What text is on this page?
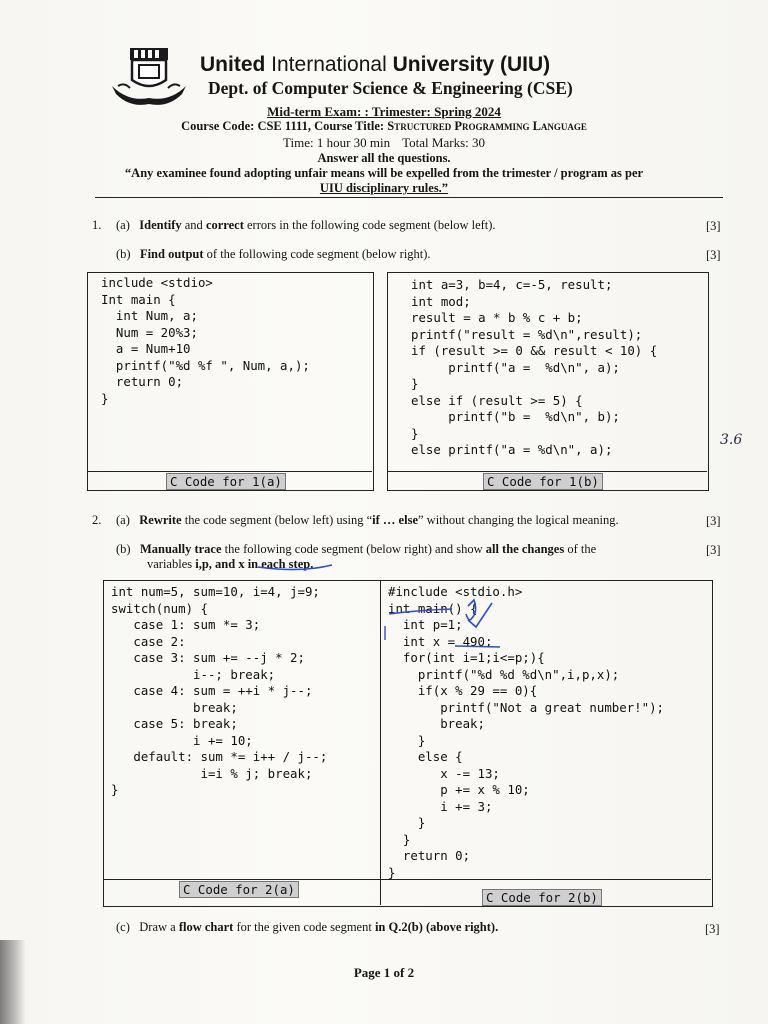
United International University (UIU)
Dept. of Computer Science & Engineering (CSE)
Mid-term Exam: : Trimester: Spring 2024
Course Code: CSE 1111, Course Title: Structured Programming Language
Time: 1 hour 30 min Total Marks: 30
Answer all the questions.
“Any examinee found adopting unfair means will be expelled from the trimester / program as per
UIU disciplinary rules.”
1. (a) Identify and correct errors in the following code segment (below left).	[3]
(b) Find output of the following code segment (below right).	[3]
include <stdio>
Int main {
int Num, a;
Num = 20%3;
a = Num+10
printf("%d %f ", Num, a,);
return 0;
}
C Code for 1(a)
int a=3, b=4, c=-5, result;
int mod;
result = a * b % c + b;
printf("result = %d\n",result);
if (result >= 0 && result < 10) {
printf("a =  %d\n", a);
}
else if (result >= 5) {
printf("b =  %d\n", b);
}
else printf("a = %d\n", a);
C Code for 1(b)
3.6
2. (a) Rewrite the code segment (below left) using “if … else” without changing the logical meaning.	[3]
(b) Manually trace the following code segment (below right) and show all the changes of the	[3]
variables i,p, and x in each step.
int num=5, sum=10, i=4, j=9;
switch(num) {
case 1: sum *= 3;
case 2:
case 3: sum += --j * 2;
i--; break;
case 4: sum = ++i * j--;
break;
case 5: break;
i += 10;
default: sum *= i++ / j--;
i=i % j; break;
}
#include <stdio.h>
int main() {
int p=1;
int x = 490;
for(int i=1;i<=p;){
printf("%d %d %d\n",i,p,x);
if(x % 29 == 0){
printf("Not a great number!");
break;
}
else {
x -= 13;
p += x % 10;
i += 3;
}
}
return 0;
}
C Code for 2(a)
C Code for 2(b)
(c) Draw a flow chart for the given code segment in Q.2(b) (above right).	[3]
Page 1 of 2
